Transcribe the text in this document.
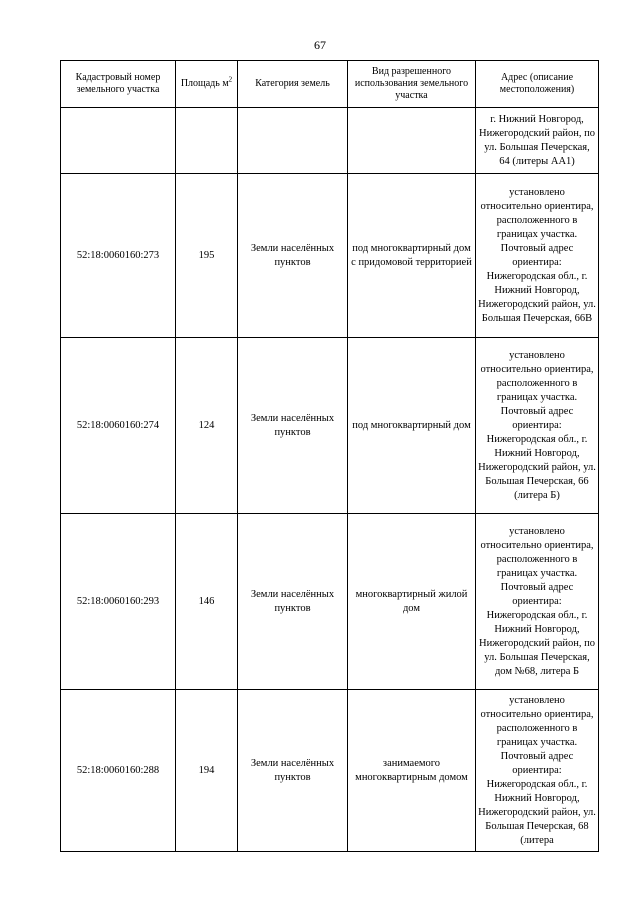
67
Кадастровый номер земельного участка	Площадь $м^2$	Категория земель	Вид разрешенного использования земельного участка	Адрес (описание местоположения)
				г. Нижний Новгород, Нижегородский район, по ул. Большая Печерская, 64 (литеры АА1)
52:18:0060160:273	195	Земли населённых пунктов	под многоквартирный дом с придомовой территорией	установлено относительно ориентира, расположенного в границах участка. Почтовый адрес ориентира: Нижегородская обл., г. Нижний Новгород, Нижегородский район, ул. Большая Печерская, 66В
52:18:0060160:274	124	Земли населённых пунктов	под многоквартирный дом	установлено относительно ориентира, расположенного в границах участка. Почтовый адрес ориентира: Нижегородская обл., г. Нижний Новгород, Нижегородский район, ул. Большая Печерская, 66 (литера Б)
52:18:0060160:293	146	Земли населённых пунктов	многоквартирный жилой дом	установлено относительно ориентира, расположенного в границах участка. Почтовый адрес ориентира: Нижегородская обл., г. Нижний Новгород, Нижегородский район, по ул. Большая Печерская, дом №68, литера Б
52:18:0060160:288	194	Земли населённых пунктов	занимаемого многоквартирным домом	установлено относительно ориентира, расположенного в границах участка. Почтовый адрес ориентира: Нижегородская обл., г. Нижний Новгород, Нижегородский район, ул. Большая Печерская, 68 (литера
